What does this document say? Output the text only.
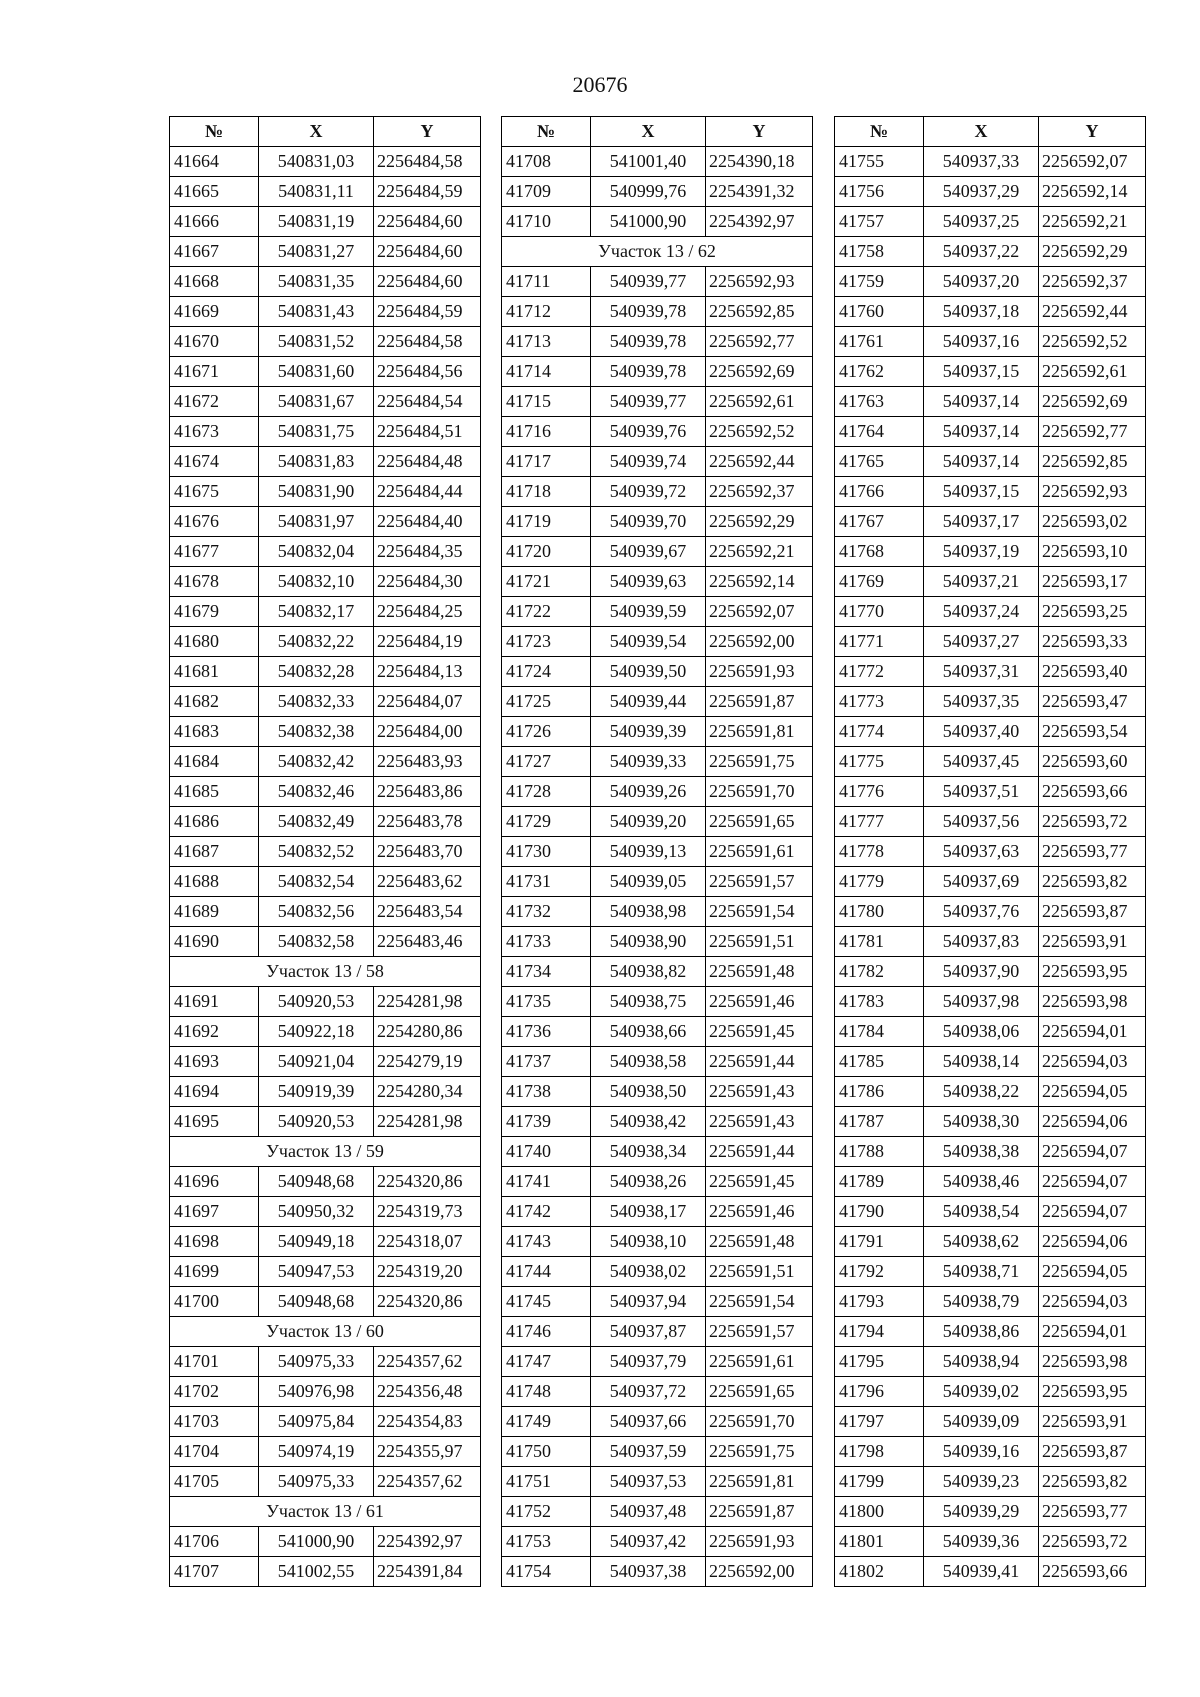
20676
№	X	Y
41664	540831,03	2256484,58
41665	540831,11	2256484,59
41666	540831,19	2256484,60
41667	540831,27	2256484,60
41668	540831,35	2256484,60
41669	540831,43	2256484,59
41670	540831,52	2256484,58
41671	540831,60	2256484,56
41672	540831,67	2256484,54
41673	540831,75	2256484,51
41674	540831,83	2256484,48
41675	540831,90	2256484,44
41676	540831,97	2256484,40
41677	540832,04	2256484,35
41678	540832,10	2256484,30
41679	540832,17	2256484,25
41680	540832,22	2256484,19
41681	540832,28	2256484,13
41682	540832,33	2256484,07
41683	540832,38	2256484,00
41684	540832,42	2256483,93
41685	540832,46	2256483,86
41686	540832,49	2256483,78
41687	540832,52	2256483,70
41688	540832,54	2256483,62
41689	540832,56	2256483,54
41690	540832,58	2256483,46
Участок 13 / 58		
41691	540920,53	2254281,98
41692	540922,18	2254280,86
41693	540921,04	2254279,19
41694	540919,39	2254280,34
41695	540920,53	2254281,98
Участок 13 / 59		
41696	540948,68	2254320,86
41697	540950,32	2254319,73
41698	540949,18	2254318,07
41699	540947,53	2254319,20
41700	540948,68	2254320,86
Участок 13 / 60		
41701	540975,33	2254357,62
41702	540976,98	2254356,48
41703	540975,84	2254354,83
41704	540974,19	2254355,97
41705	540975,33	2254357,62
Участок 13 / 61		
41706	541000,90	2254392,97
41707	541002,55	2254391,84
№	X	Y
41708	541001,40	2254390,18
41709	540999,76	2254391,32
41710	541000,90	2254392,97
Участок 13 / 62		
41711	540939,77	2256592,93
41712	540939,78	2256592,85
41713	540939,78	2256592,77
41714	540939,78	2256592,69
41715	540939,77	2256592,61
41716	540939,76	2256592,52
41717	540939,74	2256592,44
41718	540939,72	2256592,37
41719	540939,70	2256592,29
41720	540939,67	2256592,21
41721	540939,63	2256592,14
41722	540939,59	2256592,07
41723	540939,54	2256592,00
41724	540939,50	2256591,93
41725	540939,44	2256591,87
41726	540939,39	2256591,81
41727	540939,33	2256591,75
41728	540939,26	2256591,70
41729	540939,20	2256591,65
41730	540939,13	2256591,61
41731	540939,05	2256591,57
41732	540938,98	2256591,54
41733	540938,90	2256591,51
41734	540938,82	2256591,48
41735	540938,75	2256591,46
41736	540938,66	2256591,45
41737	540938,58	2256591,44
41738	540938,50	2256591,43
41739	540938,42	2256591,43
41740	540938,34	2256591,44
41741	540938,26	2256591,45
41742	540938,17	2256591,46
41743	540938,10	2256591,48
41744	540938,02	2256591,51
41745	540937,94	2256591,54
41746	540937,87	2256591,57
41747	540937,79	2256591,61
41748	540937,72	2256591,65
41749	540937,66	2256591,70
41750	540937,59	2256591,75
41751	540937,53	2256591,81
41752	540937,48	2256591,87
41753	540937,42	2256591,93
41754	540937,38	2256592,00
№	X	Y
41755	540937,33	2256592,07
41756	540937,29	2256592,14
41757	540937,25	2256592,21
41758	540937,22	2256592,29
41759	540937,20	2256592,37
41760	540937,18	2256592,44
41761	540937,16	2256592,52
41762	540937,15	2256592,61
41763	540937,14	2256592,69
41764	540937,14	2256592,77
41765	540937,14	2256592,85
41766	540937,15	2256592,93
41767	540937,17	2256593,02
41768	540937,19	2256593,10
41769	540937,21	2256593,17
41770	540937,24	2256593,25
41771	540937,27	2256593,33
41772	540937,31	2256593,40
41773	540937,35	2256593,47
41774	540937,40	2256593,54
41775	540937,45	2256593,60
41776	540937,51	2256593,66
41777	540937,56	2256593,72
41778	540937,63	2256593,77
41779	540937,69	2256593,82
41780	540937,76	2256593,87
41781	540937,83	2256593,91
41782	540937,90	2256593,95
41783	540937,98	2256593,98
41784	540938,06	2256594,01
41785	540938,14	2256594,03
41786	540938,22	2256594,05
41787	540938,30	2256594,06
41788	540938,38	2256594,07
41789	540938,46	2256594,07
41790	540938,54	2256594,07
41791	540938,62	2256594,06
41792	540938,71	2256594,05
41793	540938,79	2256594,03
41794	540938,86	2256594,01
41795	540938,94	2256593,98
41796	540939,02	2256593,95
41797	540939,09	2256593,91
41798	540939,16	2256593,87
41799	540939,23	2256593,82
41800	540939,29	2256593,77
41801	540939,36	2256593,72
41802	540939,41	2256593,66
